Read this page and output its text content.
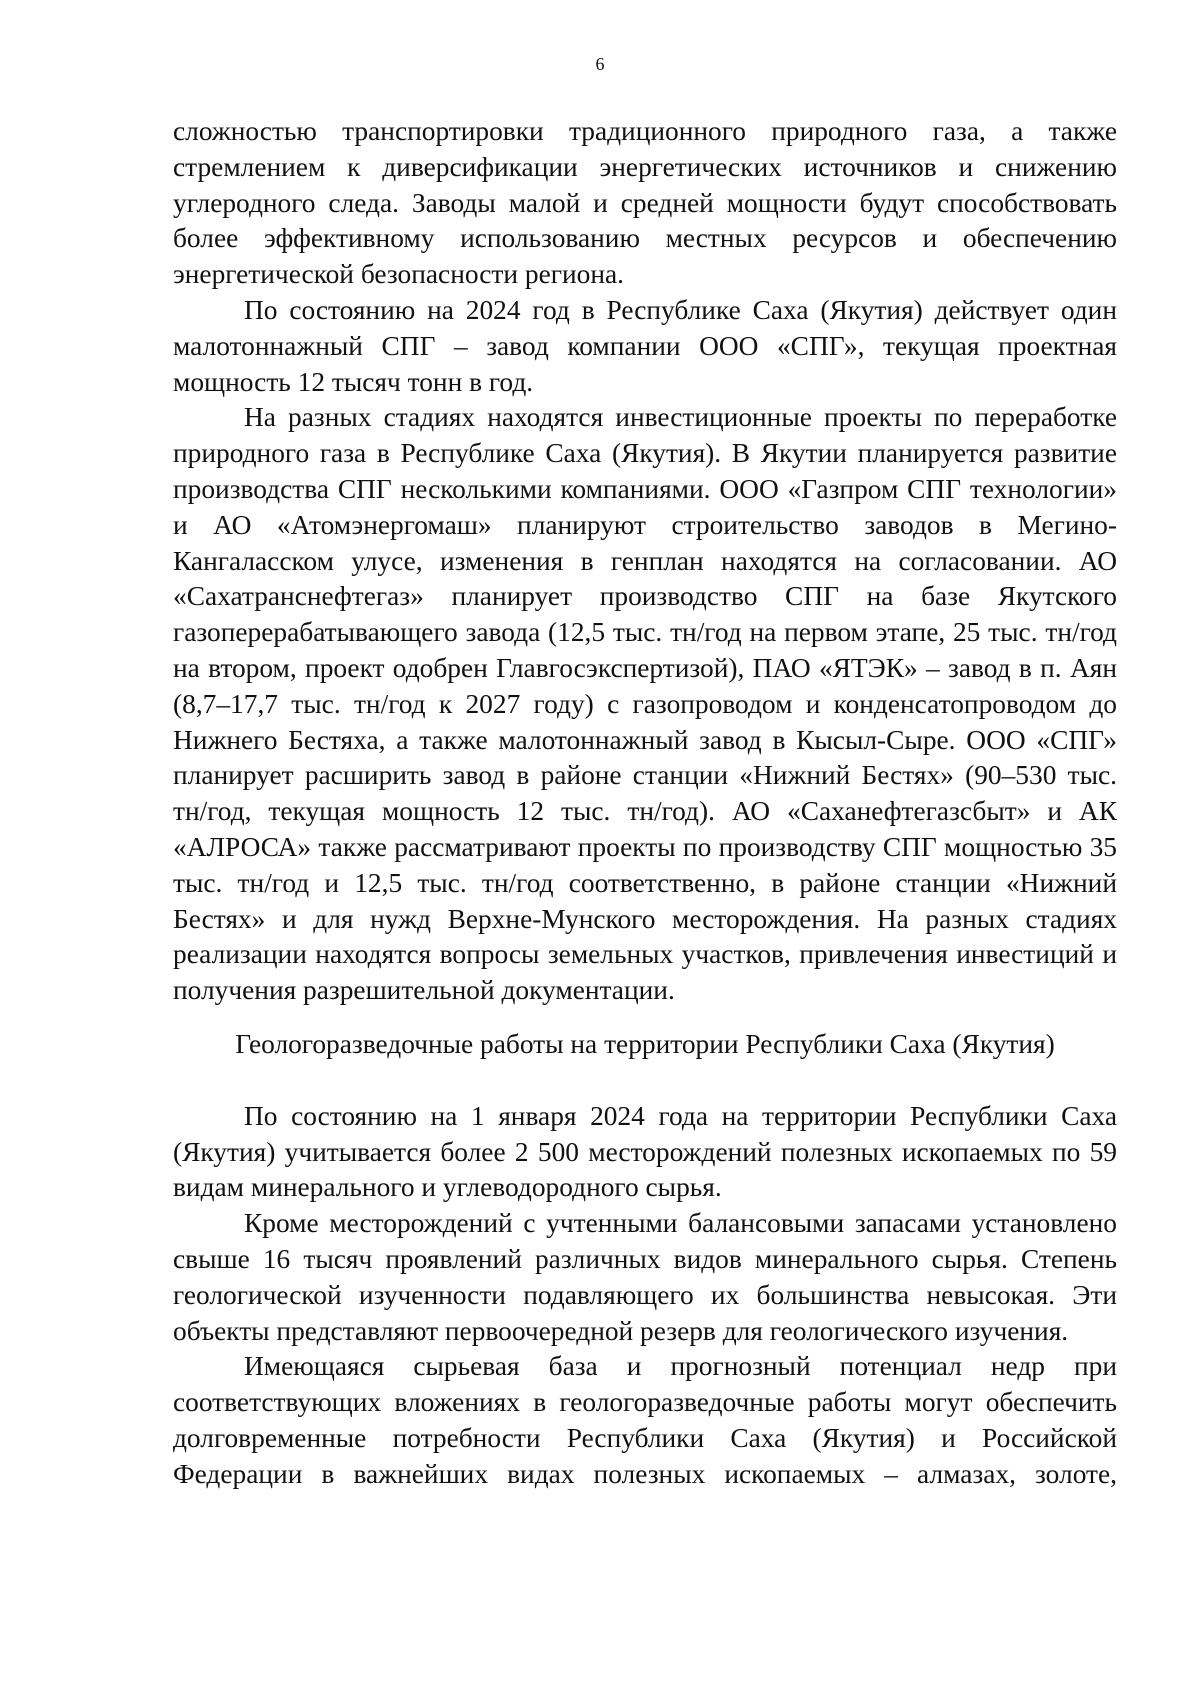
6

сложностью транспортировки традиционного природного газа, а также стремлением к диверсификации энергетических источников и снижению углеродного следа. Заводы малой и средней мощности будут способствовать более эффективному использованию местных ресурсов и обеспечению энергетической безопасности региона.

По состоянию на 2024 год в Республике Саха (Якутия) действует один малотоннажный СПГ – завод компании ООО «СПГ», текущая проектная мощность 12 тысяч тонн в год.

На разных стадиях находятся инвестиционные проекты по переработке природного газа в Республике Саха (Якутия). В Якутии планируется развитие производства СПГ несколькими компаниями. ООО «Газпром СПГ технологии» и АО «Атомэнергомаш» планируют строительство заводов в Мегино-Кангаласском улусе, изменения в генплан находятся на согласовании. АО «Сахатранснефтегаз» планирует производство СПГ на базе Якутского газоперерабатывающего завода (12,5 тыс. тн/год на первом этапе, 25 тыс. тн/год на втором, проект одобрен Главгосэкспертизой), ПАО «ЯТЭК» – завод в п. Аян (8,7–17,7 тыс. тн/год к 2027 году) с газопроводом и конденсатопроводом до Нижнего Бестяха, а также малотоннажный завод в Кысыл-Сыре. ООО «СПГ» планирует расширить завод в районе станции «Нижний Бестях» (90–530 тыс. тн/год, текущая мощность 12 тыс. тн/год). АО «Саханефтегазсбыт» и АК «АЛРОСА» также рассматривают проекты по производству СПГ мощностью 35 тыс. тн/год и 12,5 тыс. тн/год соответственно, в районе станции «Нижний Бестях» и для нужд Верхне-Мунского месторождения. На разных стадиях реализации находятся вопросы земельных участков, привлечения инвестиций и получения разрешительной документации.

Геологоразведочные работы на территории Республики Саха (Якутия)

По состоянию на 1 января 2024 года на территории Республики Саха (Якутия) учитывается более 2 500 месторождений полезных ископаемых по 59 видам минерального и углеводородного сырья.

Кроме месторождений с учтенными балансовыми запасами установлено свыше 16 тысяч проявлений различных видов минерального сырья. Степень геологической изученности подавляющего их большинства невысокая. Эти объекты представляют первоочередной резерв для геологического изучения.

Имеющаяся сырьевая база и прогнозный потенциал недр при соответствующих вложениях в геологоразведочные работы могут обеспечить долговременные потребности Республики Саха (Якутия) и Российской Федерации в важнейших видах полезных ископаемых – алмазах, золоте,
